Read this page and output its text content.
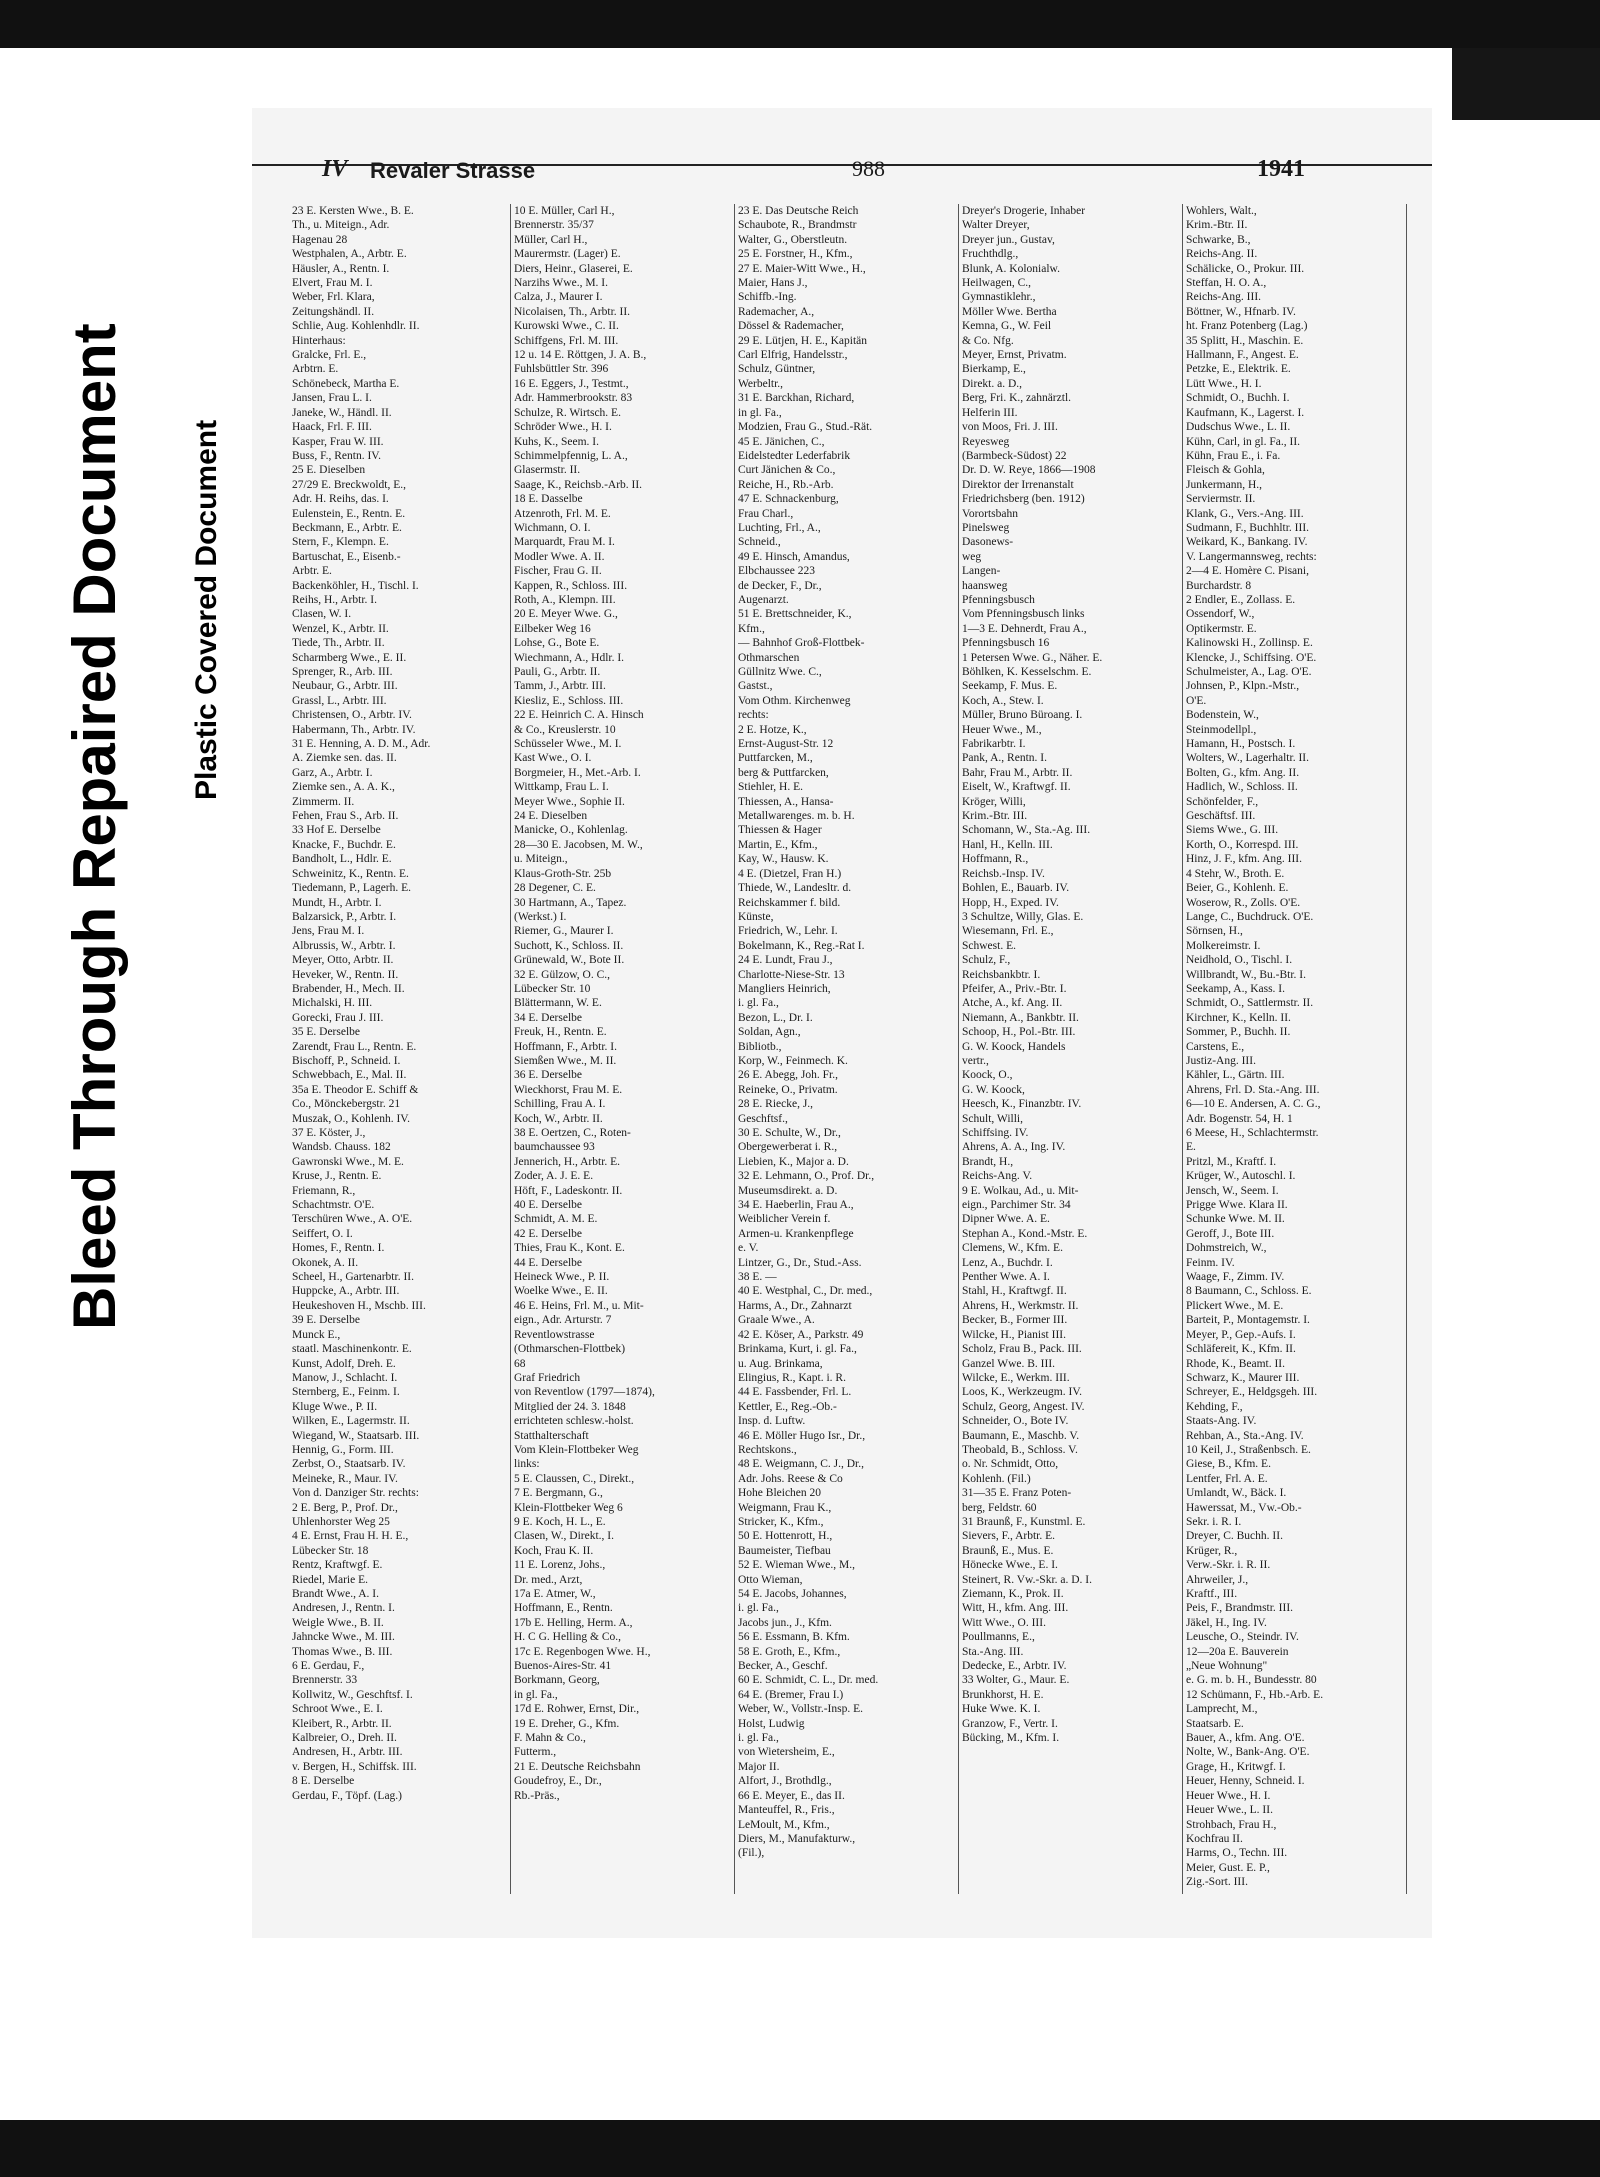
Bleed Through Repaired Document Plastic Covered Document
IV Revaler Strasse	988	1941
23 E. Kersten Wwe., B. E.
Th., u. Miteign., Adr.
Hagenau 28
Westphalen, A., Arbtr. E.
Häusler, A., Rentn. I.
Elvert, Frau M. I.
Weber, Frl. Klara,
Zeitungshändl. II.
Schlie, Aug. Kohlenhdlr. II.
Hinterhaus:
Gralcke, Frl. E.,
Arbtrn. E.
Schönebeck, Martha E.
Jansen, Frau L. I.
Janeke, W., Händl. II.
Haack, Frl. F. III.
Kasper, Frau W. III.
Buss, F., Rentn. IV.
25 E. Dieselben
27/29 E. Breckwoldt, E.,
Adr. H. Reihs, das. I.
Eulenstein, E., Rentn. E.
Beckmann, E., Arbtr. E.
Stern, F., Klempn. E.
Bartuschat, E., Eisenb.-
Arbtr. E.
Backenköhler, H., Tischl. I.
Reihs, H., Arbtr. I.
Clasen, W. I.
Wenzel, K., Arbtr. II.
Tiede, Th., Arbtr. II.
Scharmberg Wwe., E. II.
Sprenger, R., Arb. III.
Neubaur, G., Arbtr. III.
Grassl, L., Arbtr. III.
Christensen, O., Arbtr. IV.
Habermann, Th., Arbtr. IV.
31 E. Henning, A. D. M., Adr.
A. Ziemke sen. das. II.
Garz, A., Arbtr. I.
Ziemke sen., A. A. K.,
Zimmerm. II.
Fehen, Frau S., Arb. II.
33 Hof E. Derselbe
Knacke, F., Buchdr. E.
Bandholt, L., Hdlr. E.
Schweinitz, K., Rentn. E.
Tiedemann, P., Lagerh. E.
Mundt, H., Arbtr. I.
Balzarsick, P., Arbtr. I.
Jens, Frau M. I.
Albrussis, W., Arbtr. I.
Meyer, Otto, Arbtr. II.
Heveker, W., Rentn. II.
Brabender, H., Mech. II.
Michalski, H. III.
Gorecki, Frau J. III.
35 E. Derselbe
Zarendt, Frau L., Rentn. E.
Bischoff, P., Schneid. I.
Schwebbach, E., Mal. II.
35a E. Theodor E. Schiff &
Co., Mönckebergstr. 21
Muszak, O., Kohlenh. IV.
37 E. Köster, J.,
Wandsb. Chauss. 182
Gawronski Wwe., M. E.
Kruse, J., Rentn. E.
Friemann, R.,
Schachtmstr. O'E.
Terschüren Wwe., A. O'E.
Seiffert, O. I.
Homes, F., Rentn. I.
Okonek, A. II.
Scheel, H., Gartenarbtr. II.
Huppcke, A., Arbtr. III.
Heukeshoven H., Mschb. III.
39 E. Derselbe
Munck E.,
staatl. Maschinenkontr. E.
Kunst, Adolf, Dreh. E.
Manow, J., Schlacht. I.
Sternberg, E., Feinm. I.
Kluge Wwe., P. II.
Wilken, E., Lagermstr. II.
Wiegand, W., Staatsarb. III.
Hennig, G., Form. III.
Zerbst, O., Staatsarb. IV.
Meineke, R., Maur. IV.
Von d. Danziger Str. rechts:
2 E. Berg, P., Prof. Dr.,
Uhlenhorster Weg 25
4 E. Ernst, Frau H. H. E.,
Lübecker Str. 18
Rentz, Kraftwgf. E.
Riedel, Marie E.
Brandt Wwe., A. I.
Andresen, J., Rentn. I.
Weigle Wwe., B. II.
Jahncke Wwe., M. III.
Thomas Wwe., B. III.
6 E. Gerdau, F.,
Brennerstr. 33
Kollwitz, W., Geschftsf. I.
Schroot Wwe., E. I.
Kleibert, R., Arbtr. II.
Kalbreier, O., Dreh. II.
Andresen, H., Arbtr. III.
v. Bergen, H., Schiffsk. III.
8 E. Derselbe
Gerdau, F., Töpf. (Lag.)
10 E. Müller, Carl H.,
Brennerstr. 35/37
Müller, Carl H.,
Maurermstr. (Lager) E.
Diers, Heinr., Glaserei, E.
Narzihs Wwe., M. I.
Calza, J., Maurer I.
Nicolaisen, Th., Arbtr. II.
Kurowski Wwe., C. II.
Schiffgens, Frl. M. III.
12 u. 14 E. Röttgen, J. A. B.,
Fuhlsbüttler Str. 396
16 E. Eggers, J., Testmt.,
Adr. Hammerbrookstr. 83
Schulze, R. Wirtsch. E.
Schröder Wwe., H. I.
Kuhs, K., Seem. I.
Schimmelpfennig, L. A.,
Glasermstr. II.
Saage, K., Reichsb.-Arb. II.
18 E. Dasselbe
Atzenroth, Frl. M. E.
Wichmann, O. I.
Marquardt, Frau M. I.
Modler Wwe. A. II.
Fischer, Frau G. II.
Kappen, R., Schloss. III.
Roth, A., Klempn. III.
20 E. Meyer Wwe. G.,
Eilbeker Weg 16
Lohse, G., Bote E.
Wiechmann, A., Hdlr. I.
Pauli, G., Arbtr. II.
Tamm, J., Arbtr. III.
Kiesliz, E., Schloss. III.
22 E. Heinrich C. A. Hinsch
& Co., Kreuslerstr. 10
Schüsseler Wwe., M. I.
Kast Wwe., O. I.
Borgmeier, H., Met.-Arb. I.
Wittkamp, Frau L. I.
Meyer Wwe., Sophie II.
24 E. Dieselben
Manicke, O., Kohlenlag.
28—30 E. Jacobsen, M. W.,
u. Miteign.,
Klaus-Groth-Str. 25b
28 Degener, C. E.
30 Hartmann, A., Tapez.
(Werkst.) I.
Riemer, G., Maurer I.
Suchott, K., Schloss. II.
Grünewald, W., Bote II.
32 E. Gülzow, O. C.,
Lübecker Str. 10
Blättermann, W. E.
34 E. Derselbe
Freuk, H., Rentn. E.
Hoffmann, F., Arbtr. I.
Siemßen Wwe., M. II.
36 E. Derselbe
Wieckhorst, Frau M. E.
Schilling, Frau A. I.
Koch, W., Arbtr. II.
38 E. Oertzen, C., Roten-
baumchaussee 93
Jennerich, H., Arbtr. E.
Zoder, A. J. E. E.
Höft, F., Ladeskontr. II.
40 E. Derselbe
Schmidt, A. M. E.
42 E. Derselbe
Thies, Frau K., Kont. E.
44 E. Derselbe
Heineck Wwe., P. II.
Woelke Wwe., E. II.
46 E. Heins, Frl. M., u. Mit-
eign., Adr. Arturstr. 7
Reventlowstrasse
(Othmarschen-Flottbek)
68
Graf Friedrich
von Reventlow (1797—1874),
Mitglied der 24. 3. 1848
errichteten schlesw.-holst.
Statthalterschaft
Vom Klein-Flottbeker Weg
links:
5 E. Claussen, C., Direkt.,
7 E. Bergmann, G.,
Klein-Flottbeker Weg 6
9 E. Koch, H. L., E.
Clasen, W., Direkt., I.
Koch, Frau K. II.
11 E. Lorenz, Johs.,
Dr. med., Arzt,
17a E. Atmer, W.,
Hoffmann, E., Rentn.
17b E. Helling, Herm. A.,
H. C G. Helling & Co.,
17c E. Regenbogen Wwe. H.,
Buenos-Aires-Str. 41
Borkmann, Georg,
in gl. Fa.,
17d E. Rohwer, Ernst, Dir.,
19 E. Dreher, G., Kfm.
F. Mahn & Co.,
Futterm.,
21 E. Deutsche Reichsbahn
Goudefroy, E., Dr.,
Rb.-Präs.,
23 E. Das Deutsche Reich
Schaubote, R., Brandmstr
Walter, G., Oberstleutn.
25 E. Forstner, H., Kfm.,
27 E. Maier-Witt Wwe., H.,
Maier, Hans J.,
Schiffb.-Ing.
Rademacher, A.,
Dössel & Rademacher,
29 E. Lütjen, H. E., Kapitän
Carl Elfrig, Handelsstr.,
Schulz, Güntner,
Werbeltr.,
31 E. Barckhan, Richard,
in gl. Fa.,
Modzien, Frau G., Stud.-Rät.
45 E. Jänichen, C.,
Eidelstedter Lederfabrik
Curt Jänichen & Co.,
Reiche, H., Rb.-Arb.
47 E. Schnackenburg,
Frau Charl.,
Luchting, Frl., A.,
Schneid.,
49 E. Hinsch, Amandus,
Elbchaussee 223
de Decker, F., Dr.,
Augenarzt.
51 E. Brettschneider, K.,
Kfm.,
— Bahnhof Groß-Flottbek-
Othmarschen
Güllnitz Wwe. C.,
Gastst.,
Vom Othm. Kirchenweg
rechts:
2 E. Hotze, K.,
Ernst-August-Str. 12
Puttfarcken, M.,
berg & Puttfarcken,
Stiehler, H. E.
Thiessen, A., Hansa-
Metallwarenges. m. b. H.
Thiessen & Hager
Martin, E., Kfm.,
Kay, W., Hausw. K.
4 E. (Dietzel, Fran H.)
Thiede, W., Landesltr. d.
Reichskammer f. bild.
Künste,
Friedrich, W., Lehr. I.
Bokelmann, K., Reg.-Rat I.
24 E. Lundt, Frau J.,
Charlotte-Niese-Str. 13
Mangliers Heinrich,
i. gl. Fa.,
Bezon, L., Dr. I.
Soldan, Agn.,
Bibliotb.,
Korp, W., Feinmech. K.
26 E. Abegg, Joh. Fr.,
Reineke, O., Privatm.
28 E. Riecke, J.,
Geschftsf.,
30 E. Schulte, W., Dr.,
Obergewerberat i. R.,
Liebien, K., Major a. D.
32 E. Lehmann, O., Prof. Dr.,
Museumsdirekt. a. D.
34 E. Haeberlin, Frau A.,
Weiblicher Verein f.
Armen-u. Krankenpflege
e. V.
Lintzer, G., Dr., Stud.-Ass.
38 E. —
40 E. Westphal, C., Dr. med.,
Harms, A., Dr., Zahnarzt
Graale Wwe., A.
42 E. Köser, A., Parkstr. 49
Brinkama, Kurt, i. gl. Fa.,
u. Aug. Brinkama,
Elingius, R., Kapt. i. R.
44 E. Fassbender, Frl. L.
Kettler, E., Reg.-Ob.-
Insp. d. Luftw.
46 E. Möller Hugo Isr., Dr.,
Rechtskons.,
48 E. Weigmann, C. J., Dr.,
Adr. Johs. Reese & Co
Hohe Bleichen 20
Weigmann, Frau K.,
Stricker, K., Kfm.,
50 E. Hottenrott, H.,
Baumeister, Tiefbau
52 E. Wieman Wwe., M.,
Otto Wieman,
54 E. Jacobs, Johannes,
i. gl. Fa.,
Jacobs jun., J., Kfm.
56 E. Essmann, B. Kfm.
58 E. Groth, E., Kfm.,
Becker, A., Geschf.
60 E. Schmidt, C. L., Dr. med.
64 E. (Bremer, Frau I.)
Weber, W., Vollstr.-Insp. E.
Holst, Ludwig
i. gl. Fa.,
von Wietersheim, E.,
Major II.
Alfort, J., Brothdlg.,
66 E. Meyer, E., das II.
Manteuffel, R., Fris.,
LeMoult, M., Kfm.,
Diers, M., Manufakturw.,
(Fil.),
Dreyer's Drogerie, Inhaber
Walter Dreyer,
Dreyer jun., Gustav,
Fruchthdlg.,
Blunk, A. Kolonialw.
Heilwagen, C.,
Gymnastiklehr.,
Möller Wwe. Bertha
Kemna, G., W. Feil
& Co. Nfg.
Meyer, Ernst, Privatm.
Bierkamp, E.,
Direkt. a. D.,
Berg, Fri. K., zahnärztl.
Helferin III.
von Moos, Fri. J. III.
Reyesweg
(Barmbeck-Südost) 22
Dr. D. W. Reye, 1866—1908
Direktor der Irrenanstalt
Friedrichsberg (ben. 1912)
Vorortsbahn
Pinelsweg
Dasonews-
weg
Langen-
haansweg
Pfenningsbusch
Vom Pfenningsbusch links
1—3 E. Dehnerdt, Frau A.,
Pfenningsbusch 16
1 Petersen Wwe. G., Näher. E.
Böhlken, K. Kesselschm. E.
Seekamp, F. Mus. E.
Koch, A., Stew. I.
Müller, Bruno Büroang. I.
Heuer Wwe., M.,
Fabrikarbtr. I.
Pank, A., Rentn. I.
Bahr, Frau M., Arbtr. II.
Eiselt, W., Kraftwgf. II.
Kröger, Willi,
Krim.-Btr. III.
Schomann, W., Sta.-Ag. III.
Hanl, H., Kelln. III.
Hoffmann, R.,
Reichsb.-Insp. IV.
Bohlen, E., Bauarb. IV.
Hopp, H., Exped. IV.
3 Schultze, Willy, Glas. E.
Wiesemann, Frl. E.,
Schwest. E.
Schulz, F.,
Reichsbankbtr. I.
Pfeifer, A., Priv.-Btr. I.
Atche, A., kf. Ang. II.
Niemann, A., Bankbtr. II.
Schoop, H., Pol.-Btr. III.
G. W. Koock, Handels
vertr.,
Koock, O.,
G. W. Koock,
Heesch, K., Finanzbtr. IV.
Schult, Willi,
Schiffsing. IV.
Ahrens, A. A., Ing. IV.
Brandt, H.,
Reichs-Ang. V.
9 E. Wolkau, Ad., u. Mit-
eign., Parchimer Str. 34
Dipner Wwe. A. E.
Stephan A., Kond.-Mstr. E.
Clemens, W., Kfm. E.
Lenz, A., Buchdr. I.
Penther Wwe. A. I.
Stahl, H., Kraftwgf. II.
Ahrens, H., Werkmstr. II.
Becker, B., Former III.
Wilcke, H., Pianist III.
Scholz, Frau B., Pack. III.
Ganzel Wwe. B. III.
Wilcke, E., Werkm. III.
Loos, K., Werkzeugm. IV.
Schulz, Georg, Angest. IV.
Schneider, O., Bote IV.
Baumann, E., Maschb. V.
Theobald, B., Schloss. V.
o. Nr. Schmidt, Otto,
Kohlenh. (Fil.)
31—35 E. Franz Poten-
berg, Feldstr. 60
31 Braunß, F., Kunstml. E.
Sievers, F., Arbtr. E.
Braunß, E., Mus. E.
Hönecke Wwe., E. I.
Steinert, R. Vw.-Skr. a. D. I.
Ziemann, K., Prok. II.
Witt, H., kfm. Ang. III.
Witt Wwe., O. III.
Poullmanns, E.,
Sta.-Ang. III.
Dedecke, E., Arbtr. IV.
33 Wolter, G., Maur. E.
Brunkhorst, H. E.
Huke Wwe. K. I.
Granzow, F., Vertr. I.
Bücking, M., Kfm. I.
Wohlers, Walt.,
Krim.-Btr. II.
Schwarke, B.,
Reichs-Ang. II.
Schälicke, O., Prokur. III.
Steffan, H. O. A.,
Reichs-Ang. III.
Böttner, W., Hfnarb. IV.
ht. Franz Potenberg (Lag.)
35 Splitt, H., Maschin. E.
Hallmann, F., Angest. E.
Petzke, E., Elektrik. E.
Lütt Wwe., H. I.
Schmidt, O., Buchh. I.
Kaufmann, K., Lagerst. I.
Dudschus Wwe., L. II.
Kühn, Carl, in gl. Fa., II.
Kühn, Frau E., i. Fa.
Fleisch & Gohla,
Junkermann, H.,
Serviermstr. II.
Klank, G., Vers.-Ang. III.
Sudmann, F., Buchhltr. III.
Weikard, K., Bankang. IV.
V. Langermannsweg, rechts:
2—4 E. Homère C. Pisani,
Burchardstr. 8
2 Endler, E., Zollass. E.
Ossendorf, W.,
Optikermstr. E.
Kalinowski H., Zollinsp. E.
Klencke, J., Schiffsing. O'E.
Schulmeister, A., Lag. O'E.
Johnsen, P., Klpn.-Mstr.,
O'E.
Bodenstein, W.,
Steinmodellpl.,
Hamann, H., Postsch. I.
Wolters, W., Lagerhaltr. II.
Bolten, G., kfm. Ang. II.
Hadlich, W., Schloss. II.
Schönfelder, F.,
Geschäftsf. III.
Siems Wwe., G. III.
Korth, O., Korrespd. III.
Hinz, J. F., kfm. Ang. III.
4 Stehr, W., Broth. E.
Beier, G., Kohlenh. E.
Woserow, R., Zolls. O'E.
Lange, C., Buchdruck. O'E.
Sörnsen, H.,
Molkereimstr. I.
Neidhold, O., Tischl. I.
Willbrandt, W., Bu.-Btr. I.
Seekamp, A., Kass. I.
Schmidt, O., Sattlermstr. II.
Kirchner, K., Kelln. II.
Sommer, P., Buchh. II.
Carstens, E.,
Justiz-Ang. III.
Kähler, L., Gärtn. III.
Ahrens, Frl. D. Sta.-Ang. III.
6—10 E. Andersen, A. C. G.,
Adr. Bogenstr. 54, H. 1
6 Meese, H., Schlachtermstr.
E.
Pritzl, M., Kraftf. I.
Krüger, W., Autoschl. I.
Jensch, W., Seem. I.
Prigge Wwe. Klara II.
Schunke Wwe. M. II.
Geroff, J., Bote III.
Dohmstreich, W.,
Feinm. IV.
Waage, F., Zimm. IV.
8 Baumann, C., Schloss. E.
Plickert Wwe., M. E.
Barteit, P., Montagemstr. I.
Meyer, P., Gep.-Aufs. I.
Schläfereit, K., Kfm. II.
Rhode, K., Beamt. II.
Schwarz, K., Maurer III.
Schreyer, E., Heldgsgeh. III.
Kehding, F.,
Staats-Ang. IV.
Rehban, A., Sta.-Ang. IV.
10 Keil, J., Straßenbsch. E.
Giese, B., Kfm. E.
Lentfer, Frl. A. E.
Umlandt, W., Bäck. I.
Hawerssat, M., Vw.-Ob.-
Sekr. i. R. I.
Dreyer, C. Buchh. II.
Krüger, R.,
Verw.-Skr. i. R. II.
Ahrweiler, J.,
Kraftf., III.
Peis, F., Brandmstr. III.
Jäkel, H., Ing. IV.
Leusche, O., Steindr. IV.
12—20a E. Bauverein
„Neue Wohnung"
e. G. m. b. H., Bundesstr. 80
12 Schümann, F., Hb.-Arb. E.
Lamprecht, M.,
Staatsarb. E.
Bauer, A., kfm. Ang. O'E.
Nolte, W., Bank-Ang. O'E.
Grage, H., Kritwgf. I.
Heuer, Henny, Schneid. I.
Heuer Wwe., H. I.
Heuer Wwe., L. II.
Strohbach, Frau H.,
Kochfrau II.
Harms, O., Techn. III.
Meier, Gust. E. P.,
Zig.-Sort. III.
